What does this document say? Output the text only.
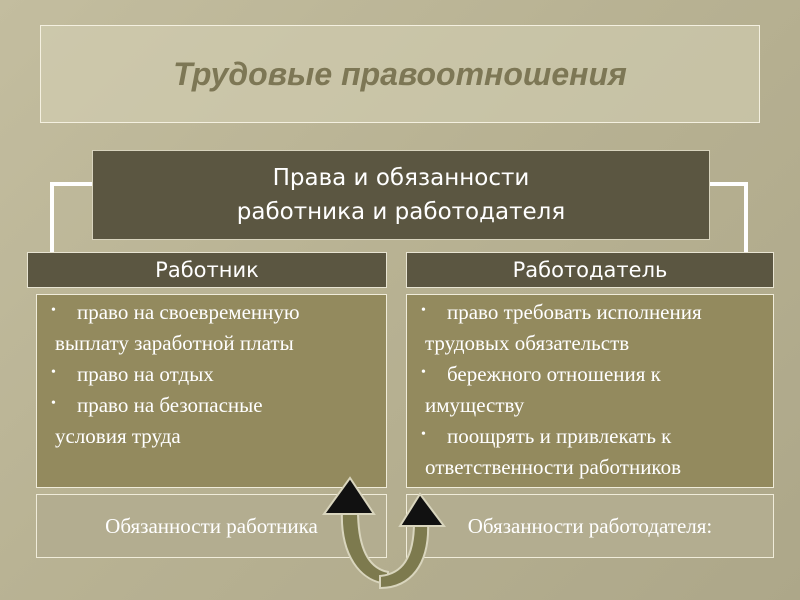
Трудовые правоотношения
Права и обязанности
работника и работодателя
Работник	Работодатель
• право на своевременную
выплату заработной платы
• право на отдых
• право на безопасные
условия труда
• право требовать исполнения
трудовых обязательств
• бережного отношения к
имуществу
• поощрять и привлекать к
ответственности работников
Обязанности работника	Обязанности работодателя:
